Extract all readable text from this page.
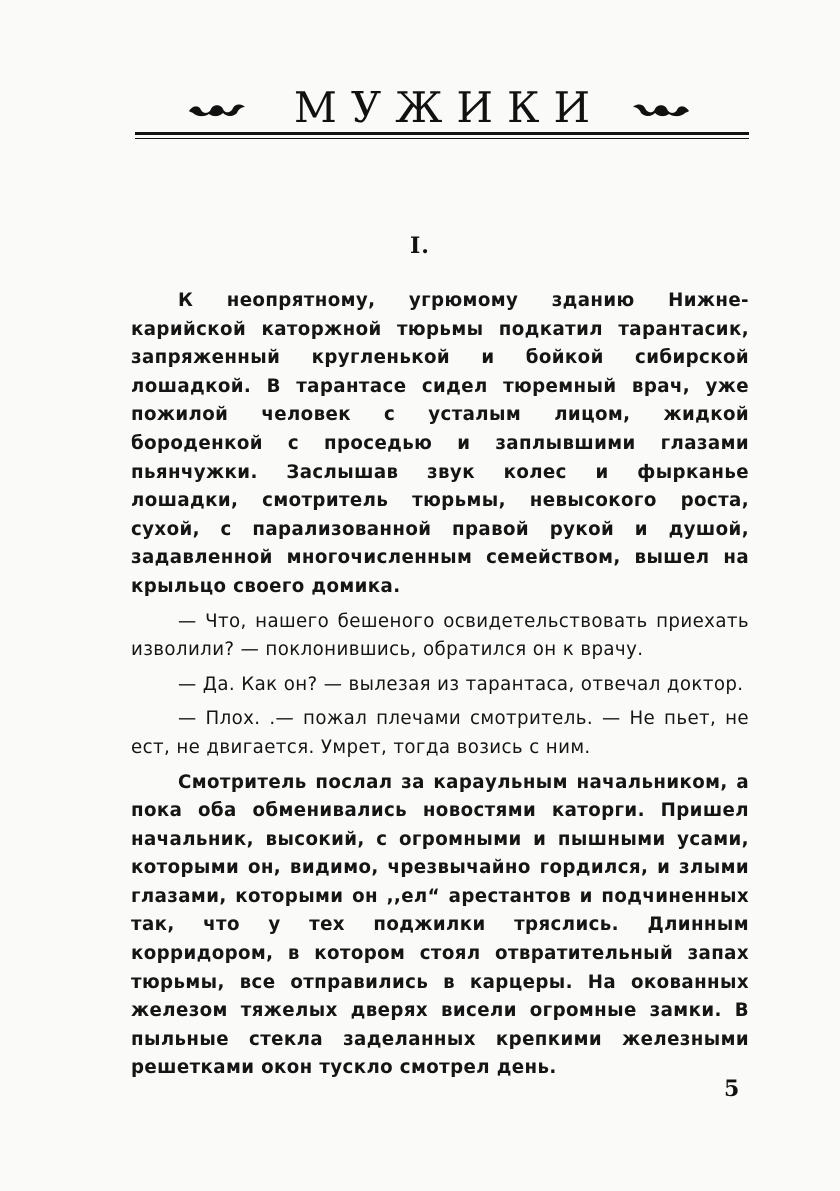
МУЖИКИ
I.

К неопрятному, угрюмому зданию Нижне-карийской каторжной тюрьмы подкатил тарантасик, запряженный кругленькой и бойкой сибирской лошадкой. В тарантасе сидел тюремный врач, уже пожилой человек с усталым лицом, жидкой бороденкой с проседью и заплывшими глазами пьянчужки. Заслышав звук колес и фырканье лошадки, смотритель тюрьмы, невысокого роста, сухой, с парализованной правой рукой и душой, задавленной многочисленным семейством, вышел на крыльцо своего домика.

— Что, нашего бешеного освидетельствовать приехать изволили? — поклонившись, обратился он к врачу.

— Да. Как он? — вылезая из тарантаса, отвечал доктор.

— Плох. .— пожал плечами смотритель. — Не пьет, не ест, не двигается. Умрет, тогда возись с ним.

Смотритель послал за караульным начальником, а пока оба обменивались новостями каторги. Пришел начальник, высокий, с огромными и пышными усами, которыми он, видимо, чрезвычайно гордился, и злыми глазами, которыми он ,,ел“ арестантов и подчиненных так, что у тех поджилки тряслись. Длинным корридором, в котором стоял отвратительный запах тюрьмы, все отправились в карцеры. На окованных железом тяжелых дверях висели огромные замки. В пыльные стекла заделанных крепкими железными решетками окон тускло смотрел день.

5
